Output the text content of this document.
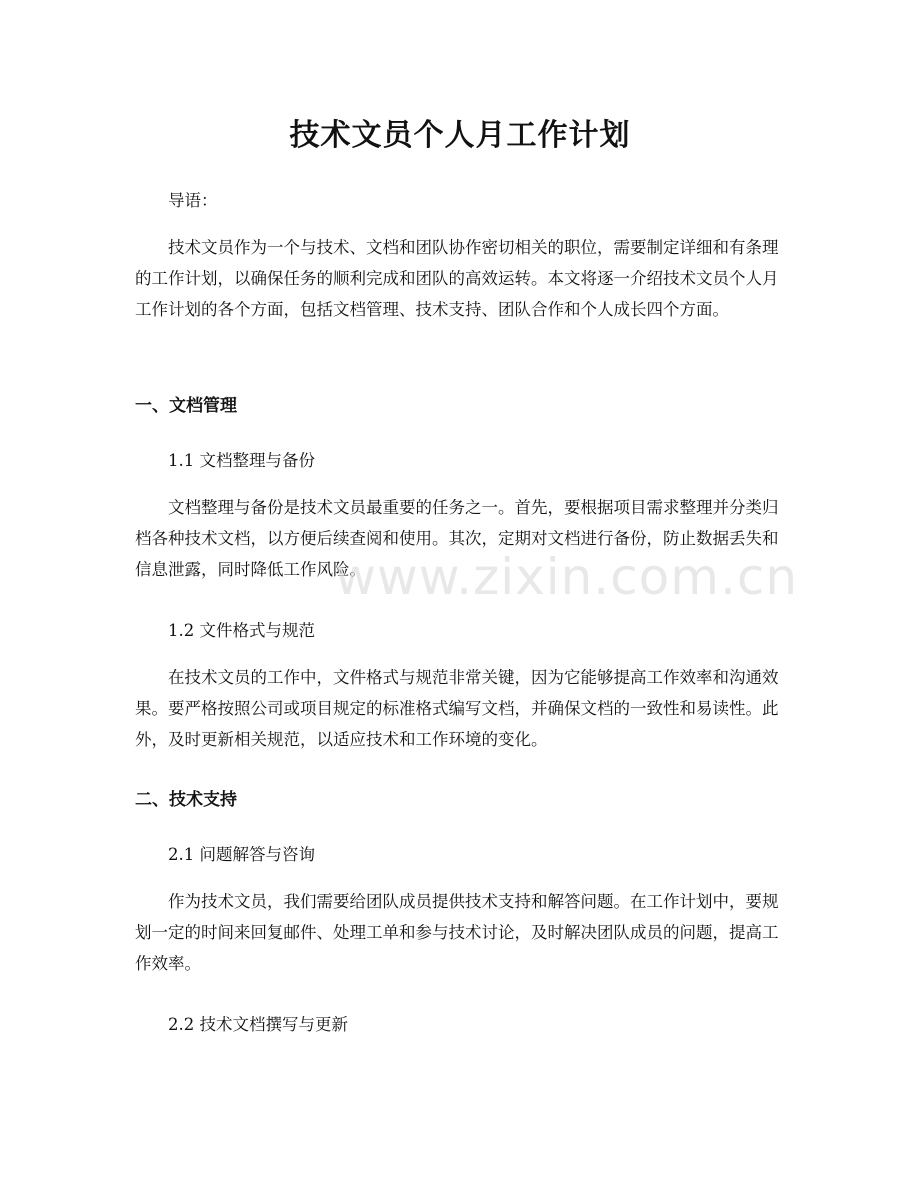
技术文员个人月工作计划

导语：

技术文员作为一个与技术、文档和团队协作密切相关的职位，需要制定详细和有条理的工作计划，以确保任务的顺利完成和团队的高效运转。本文将逐一介绍技术文员个人月工作计划的各个方面，包括文档管理、技术支持、团队合作和个人成长四个方面。

一、文档管理

1.1 文档整理与备份

文档整理与备份是技术文员最重要的任务之一。首先，要根据项目需求整理并分类归档各种技术文档，以方便后续查阅和使用。其次，定期对文档进行备份，防止数据丢失和信息泄露，同时降低工作风险。

1.2 文件格式与规范

在技术文员的工作中，文件格式与规范非常关键，因为它能够提高工作效率和沟通效果。要严格按照公司或项目规定的标准格式编写文档，并确保文档的一致性和易读性。此外，及时更新相关规范，以适应技术和工作环境的变化。

二、技术支持

2.1 问题解答与咨询

作为技术文员，我们需要给团队成员提供技术支持和解答问题。在工作计划中，要规划一定的时间来回复邮件、处理工单和参与技术讨论，及时解决团队成员的问题，提高工作效率。

2.2 技术文档撰写与更新

www.zixin.com.cn
